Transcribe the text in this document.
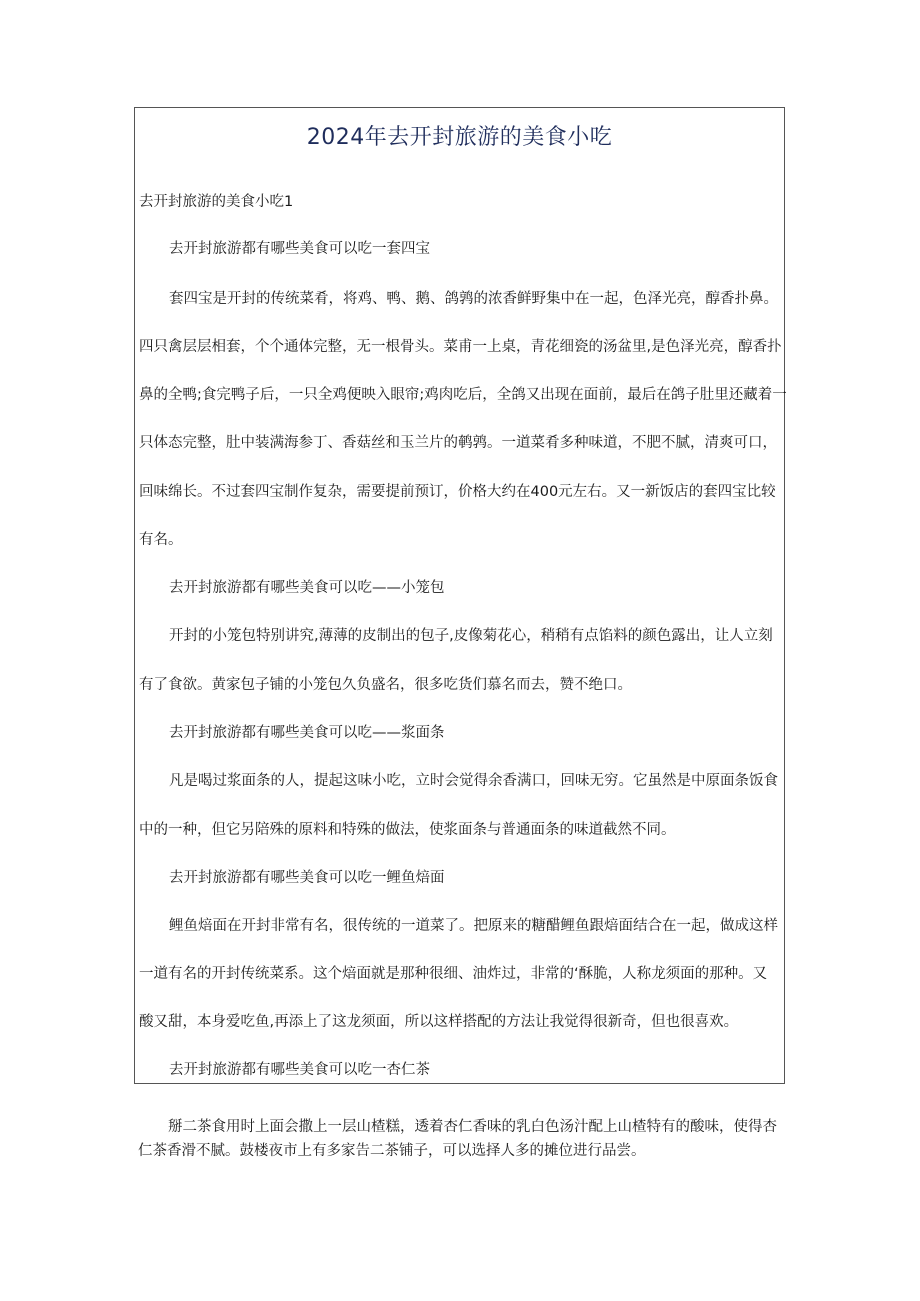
2024年去开封旅游的美食小吃
去开封旅游的美食小吃1
去开封旅游都有哪些美食可以吃一套四宝
套四宝是开封的传统菜肴，将鸡、鸭、鹅、鸽鹑的浓香鲜野集中在一起，色泽光亮，醇香扑鼻。
四只禽层层相套，个个通体完整，无一根骨头。菜甫一上桌，青花细瓷的汤盆里,是色泽光亮，醇香扑
鼻的全鸭;食完鸭子后，一只全鸡便映入眼帘;鸡肉吃后，全鸽又出现在面前，最后在鸽子肚里还藏着一
只体态完整，肚中装满海参丁、香菇丝和玉兰片的鹌鹑。一道菜肴多种味道，不肥不腻，清爽可口，
回味绵长。不过套四宝制作复杂，需要提前预订，价格大约在400元左右。又一新饭店的套四宝比较
有名。
去开封旅游都有哪些美食可以吃——小笼包
开封的小笼包特别讲究,薄薄的皮制出的包子,皮像菊花心，稍稍有点馅料的颜色露出，让人立刻
有了食欲。黄家包子铺的小笼包久负盛名，很多吃货们慕名而去，赞不绝口。
去开封旅游都有哪些美食可以吃——浆面条
凡是喝过浆面条的人，提起这味小吃，立时会觉得余香满口，回味无穷。它虽然是中原面条饭食
中的一种，但它另陪殊的原料和特殊的做法，使浆面条与普通面条的味道截然不同。
去开封旅游都有哪些美食可以吃一鲤鱼焙面
鲤鱼焙面在开封非常有名，很传统的一道菜了。把原来的糖醋鲤鱼跟焙面结合在一起，做成这样
一道有名的开封传统菜系。这个焙面就是那种很细、油炸过，非常的‘酥脆，人称龙须面的那种。又
酸又甜，本身爱吃鱼,再添上了这龙须面，所以这样搭配的方法让我觉得很新奇，但也很喜欢。
去开封旅游都有哪些美食可以吃一杏仁茶
掰二茶食用时上面会撒上一层山楂糕，透着杏仁香味的乳白色汤汁配上山楂特有的酸味，使得杏
仁茶香滑不腻。鼓楼夜市上有多家告二茶铺子，可以选择人多的摊位进行品尝。
